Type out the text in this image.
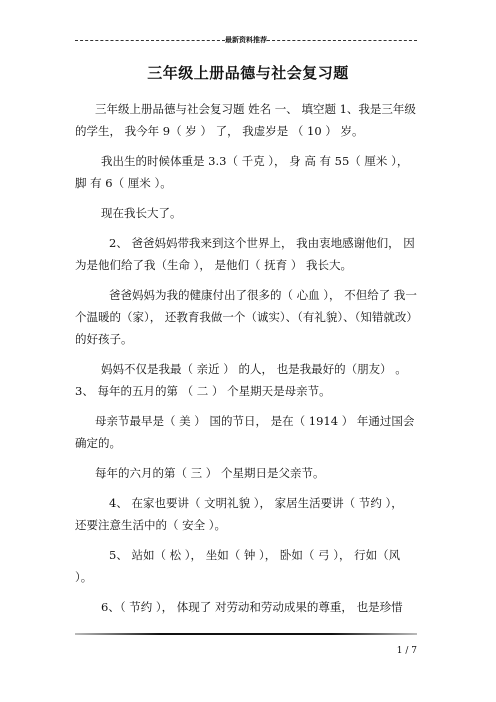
最新资料推荐
三年级上册品德与社会复习题

三年级上册品德与社会复习题 姓名 一、 填空题 1、我是三年级的学生， 我今年 9（ 岁 ） 了， 我虚岁是 （ 10 ） 岁。

我出生的时候体重是 3.3（ 千克 ）， 身 高 有 55（ 厘米 ）， 脚 有 6（ 厘米 ）。

现在我长大了。

2、 爸爸妈妈带我来到这个世界上， 我由衷地感谢他们， 因为是他们给了我（生命 ）， 是他们（ 抚育 ） 我长大。

爸爸妈妈为我的健康付出了很多的（ 心血 ）， 不但给了 我一个温暖的（家）， 还教育我做一个（诚实）、（有礼貌）、（知错就改）的好孩子。

妈妈不仅是我最（ 亲近 ） 的人， 也是我最好的（朋友） 。 3、 每年的五月的第 （ 二 ） 个星期天是母亲节。

母亲节最早是（ 美 ） 国的节日， 是在（ 1914 ） 年通过国会确定的。

每年的六月的第（ 三 ） 个星期日是父亲节。

4、 在家也要讲（ 文明礼貌 ）， 家居生活要讲（ 节约 ）， 还要注意生活中的（ 安全 ）。

5、 站如（ 松 ）， 坐如（ 钟 ）， 卧如（ 弓 ）， 行如（风 ）。

6、（ 节约 ）， 体现了 对劳动和劳动成果的尊重， 也是珍惜

1 / 7
